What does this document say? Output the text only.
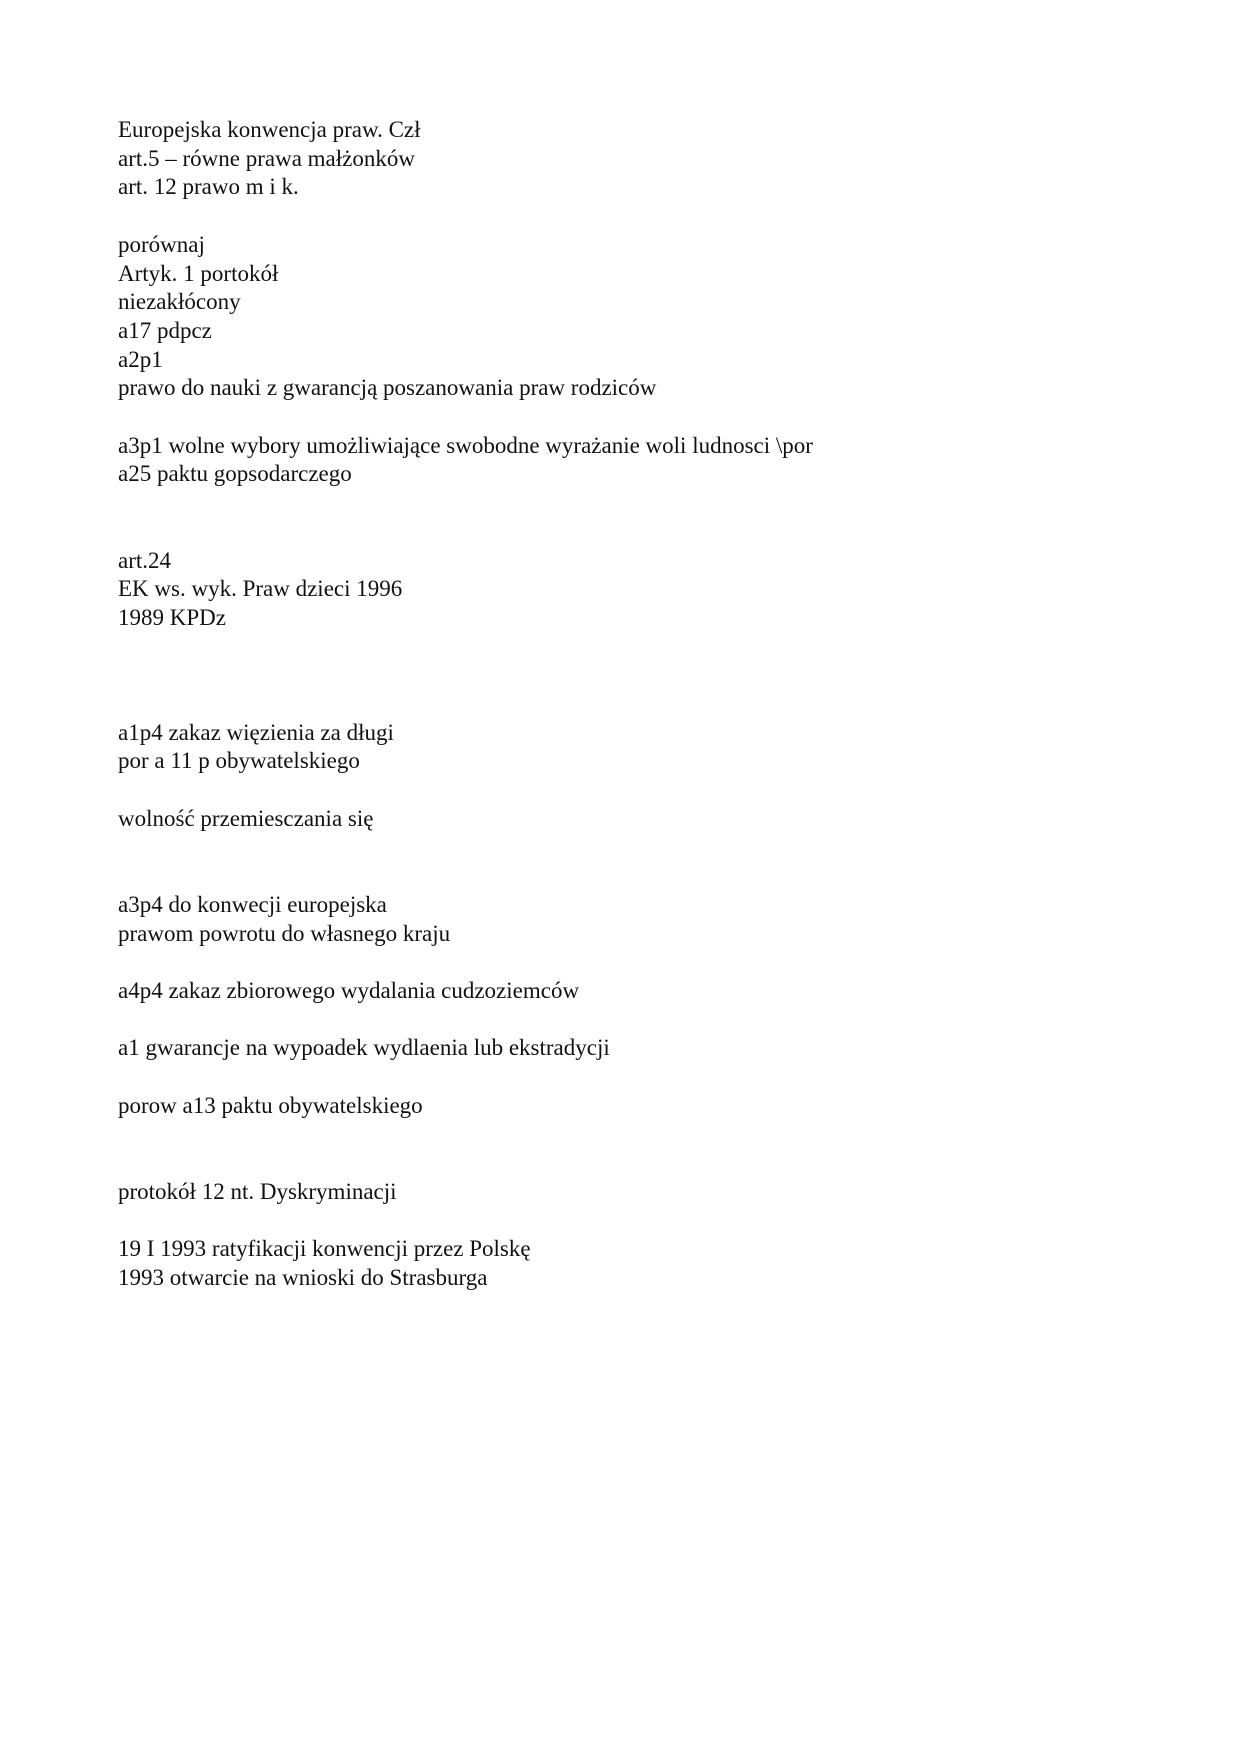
Europejska konwencja praw. Czł
art.5 – równe prawa małżonków
art. 12 prawo m i k.
porównaj
Artyk. 1 portokół
niezakłócony
a17 pdpcz
a2p1
prawo do nauki z gwarancją poszanowania praw rodziców
a3p1 wolne wybory umożliwiające swobodne wyrażanie woli ludnosci \por
a25 paktu gopsodarczego
art.24
EK ws. wyk. Praw dzieci 1996
1989 KPDz
a1p4 zakaz więzienia za długi
por a 11 p obywatelskiego
wolność przemiesczania się
a3p4 do konwecji europejska
prawom powrotu do własnego kraju
a4p4 zakaz zbiorowego wydalania cudzoziemców
a1 gwarancje na wypoadek wydlaenia lub ekstradycji
porow a13 paktu obywatelskiego
protokół 12 nt. Dyskryminacji
19 I 1993 ratyfikacji konwencji przez Polskę
1993 otwarcie na wnioski do Strasburga
